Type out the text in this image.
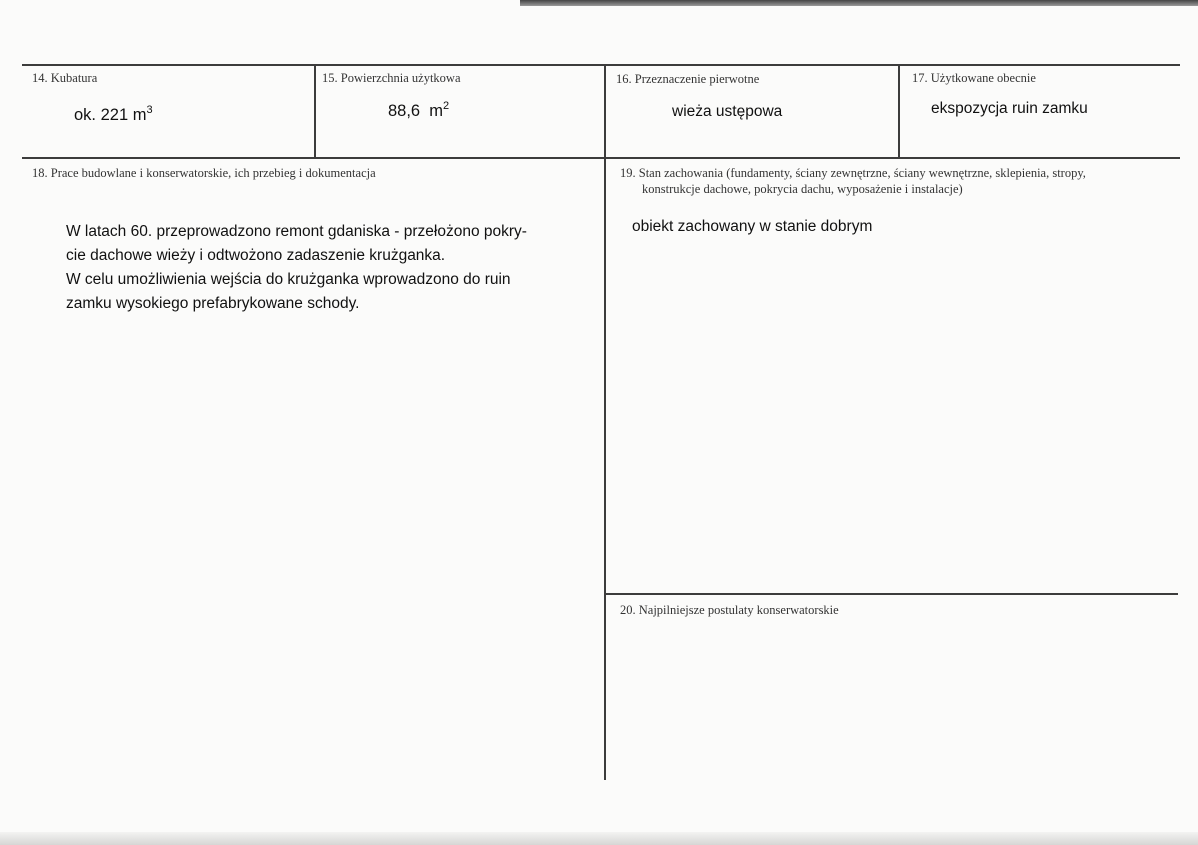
14. Kubatura
ok. 221 $m^3$
15. Powierzchnia użytkowa
88,6  $m^2$
16. Przeznaczenie pierwotne
wieża ustępowa
17. Użytkowane obecnie
ekspozycja ruin zamku
18. Prace budowlane i konserwatorskie, ich przebieg i dokumentacja
W latach 60. przeprowadzono remont gdaniska - przełożono pokry-
cie dachowe wieży i odtwożono zadaszenie krużganka.
W celu umożliwienia wejścia do krużganka wprowadzono do ruin
zamku wysokiego prefabrykowane schody.
19. Stan zachowania (fundamenty, ściany zewnętrzne, ściany wewnętrzne, sklepienia, stropy,
konstrukcje dachowe, pokrycia dachu, wyposażenie i instalacje)
obiekt zachowany w stanie dobrym
20. Najpilniejsze postulaty konserwatorskie
